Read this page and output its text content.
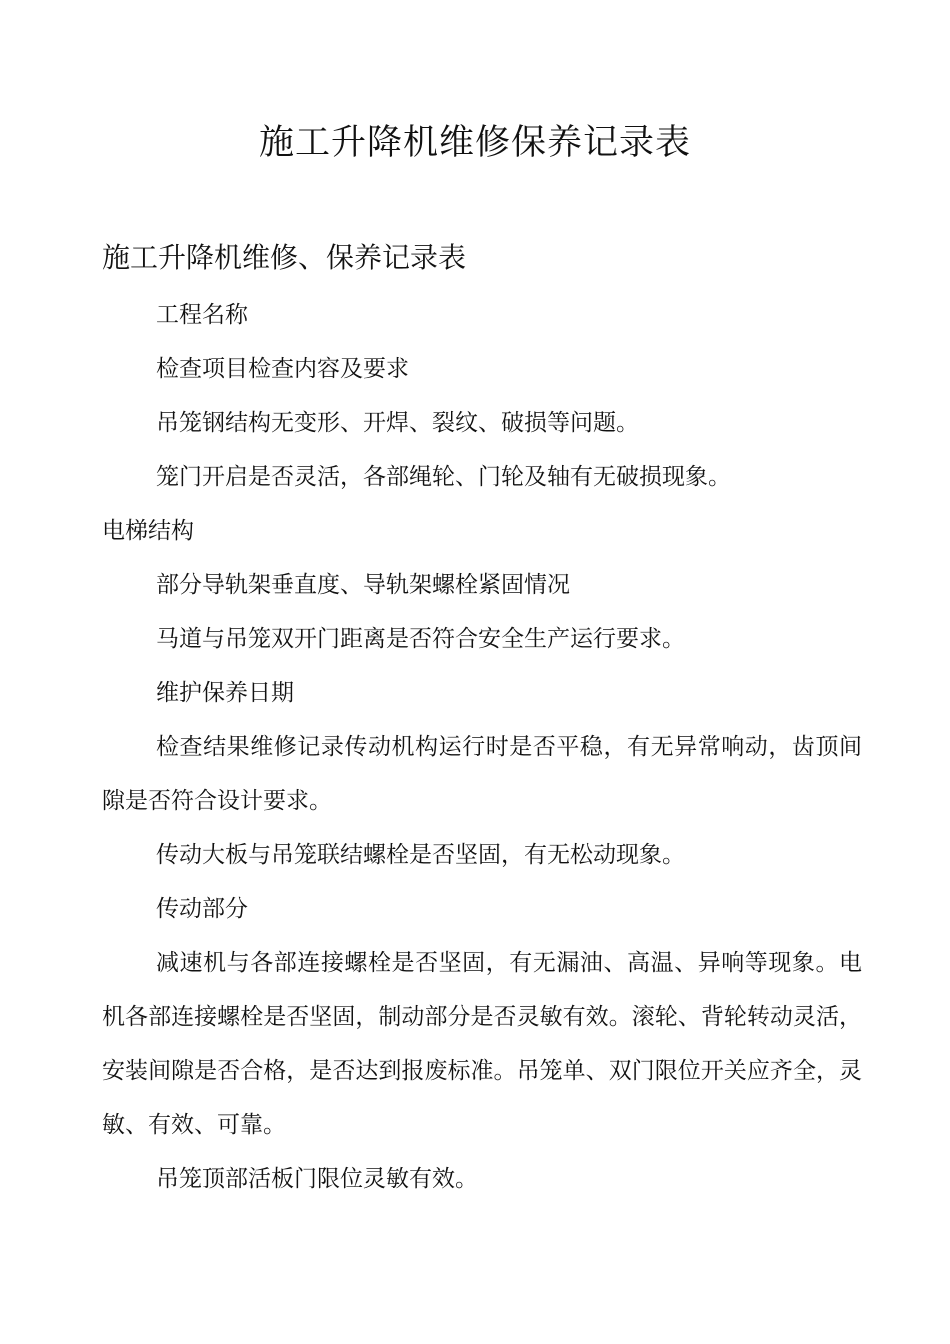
施工升降机维修保养记录表
施工升降机维修、保养记录表

工程名称

检查项目检查内容及要求

吊笼钢结构无变形、开焊、裂纹、破损等问题。

笼门开启是否灵活，各部绳轮、门轮及轴有无破损现象。

电梯结构

部分导轨架垂直度、导轨架螺栓紧固情况

马道与吊笼双开门距离是否符合安全生产运行要求。

维护保养日期

检查结果维修记录传动机构运行时是否平稳，有无异常响动，齿顶间隙是否符合设计要求。

传动大板与吊笼联结螺栓是否坚固，有无松动现象。

传动部分

减速机与各部连接螺栓是否坚固，有无漏油、高温、异响等现象。电机各部连接螺栓是否坚固，制动部分是否灵敏有效。滚轮、背轮转动灵活，安装间隙是否合格，是否达到报废标准。吊笼单、双门限位开关应齐全，灵敏、有效、可靠。

吊笼顶部活板门限位灵敏有效。
